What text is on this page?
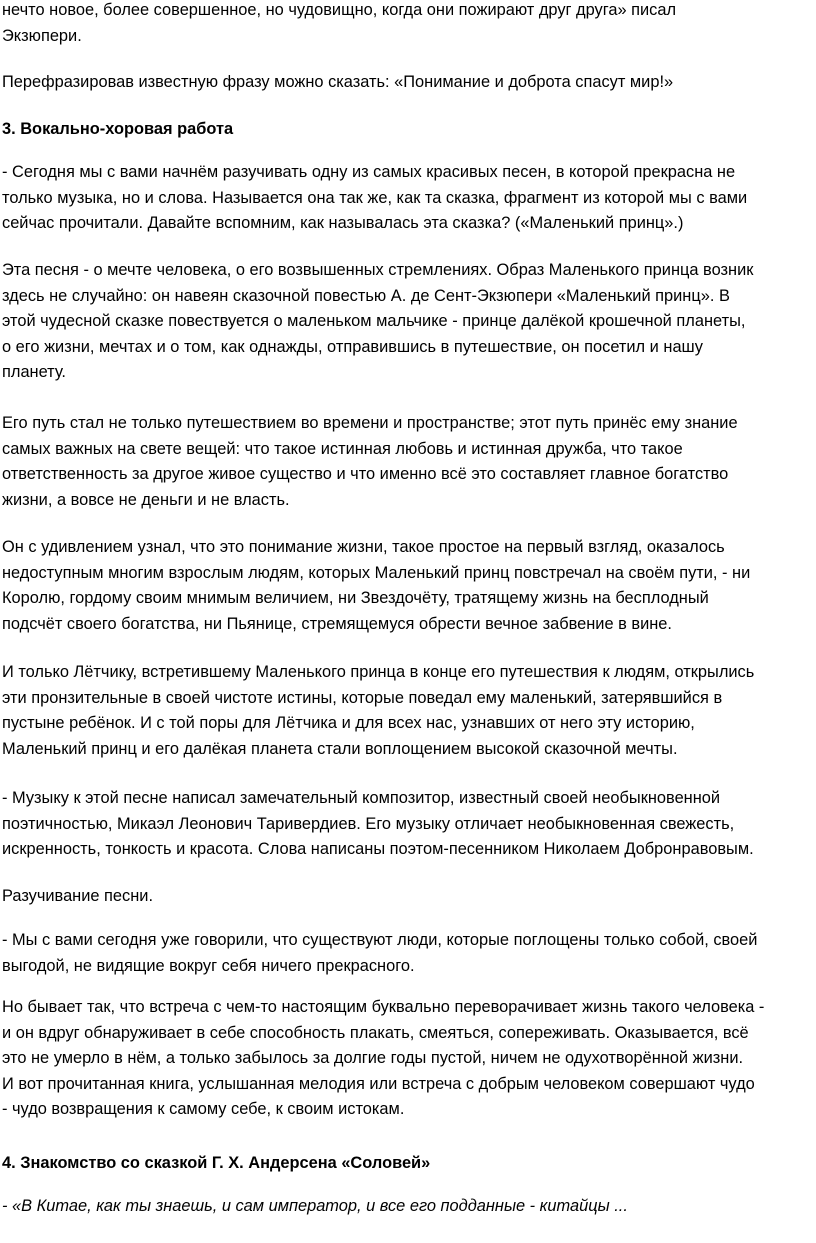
нечто новое, более совершенное, но чудовищно, когда они пожирают друг друга» писал
Экзюпери.

Перефразировав известную фразу можно сказать: «Понимание и доброта спасут мир!»

3. Вокально-хоровая работа

- Сегодня мы с вами начнём разучивать одну из самых красивых песен, в которой прекрасна не
только музыка, но и слова. Называется она так же, как та сказка, фрагмент из которой мы с вами
сейчас прочитали. Давайте вспомним, как называлась эта сказка? («Маленький принц».)

Эта песня - о мечте человека, о его возвышенных стремлениях. Образ Маленького принца возник
здесь не случайно: он навеян сказочной повестью А. де Сент-Экзюпери «Маленький принц». В
этой чудесной сказке повествуется о маленьком мальчике - принце далёкой крошечной планеты,
о его жизни, мечтах и о том, как однажды, отправившись в путешествие, он посетил и нашу
планету.

Его путь стал не только путешествием во времени и пространстве; этот путь принёс ему знание
самых важных на свете вещей: что такое истинная любовь и истинная дружба, что такое
ответственность за другое живое существо и что именно всё это составляет главное богатство
жизни, а вовсе не деньги и не власть.

Он с удивлением узнал, что это понимание жизни, такое простое на первый взгляд, оказалось
недоступным многим взрослым людям, которых Маленький принц повстречал на своём пути, - ни
Королю, гордому своим мнимым величием, ни Звездочёту, тратящему жизнь на бесплодный
подсчёт своего богатства, ни Пьянице, стремящемуся обрести вечное забвение в вине.

И только Лётчику, встретившему Маленького принца в конце его путешествия к людям, открылись
эти пронзительные в своей чистоте истины, которые поведал ему маленький, затерявшийся в
пустыне ребёнок. И с той поры для Лётчика и для всех нас, узнавших от него эту историю,
Маленький принц и его далёкая планета стали воплощением высокой сказочной мечты.

- Музыку к этой песне написал замечательный композитор, известный своей необыкновенной
поэтичностью, Микаэл Леонович Таривердиев. Его музыку отличает необыкновенная свежесть,
искренность, тонкость и красота. Слова написаны поэтом-песенником Николаем Добронравовым.

Разучивание песни.

- Мы с вами сегодня уже говорили, что существуют люди, которые поглощены только собой, своей
выгодой, не видящие вокруг себя ничего прекрасного.

Но бывает так, что встреча с чем-то настоящим буквально переворачивает жизнь такого человека -
и он вдруг обнаруживает в себе способность плакать, смеяться, сопереживать. Оказывается, всё
это не умерло в нём, а только забылось за долгие годы пустой, ничем не одухотворённой жизни.
И вот прочитанная книга, услышанная мелодия или встреча с добрым человеком совершают чудо
- чудо возвращения к самому себе, к своим истокам.

4. Знакомство со сказкой Г. Х. Андерсена «Соловей»

- «В Китае, как ты знаешь, и сам император, и все его подданные - китайцы ...
